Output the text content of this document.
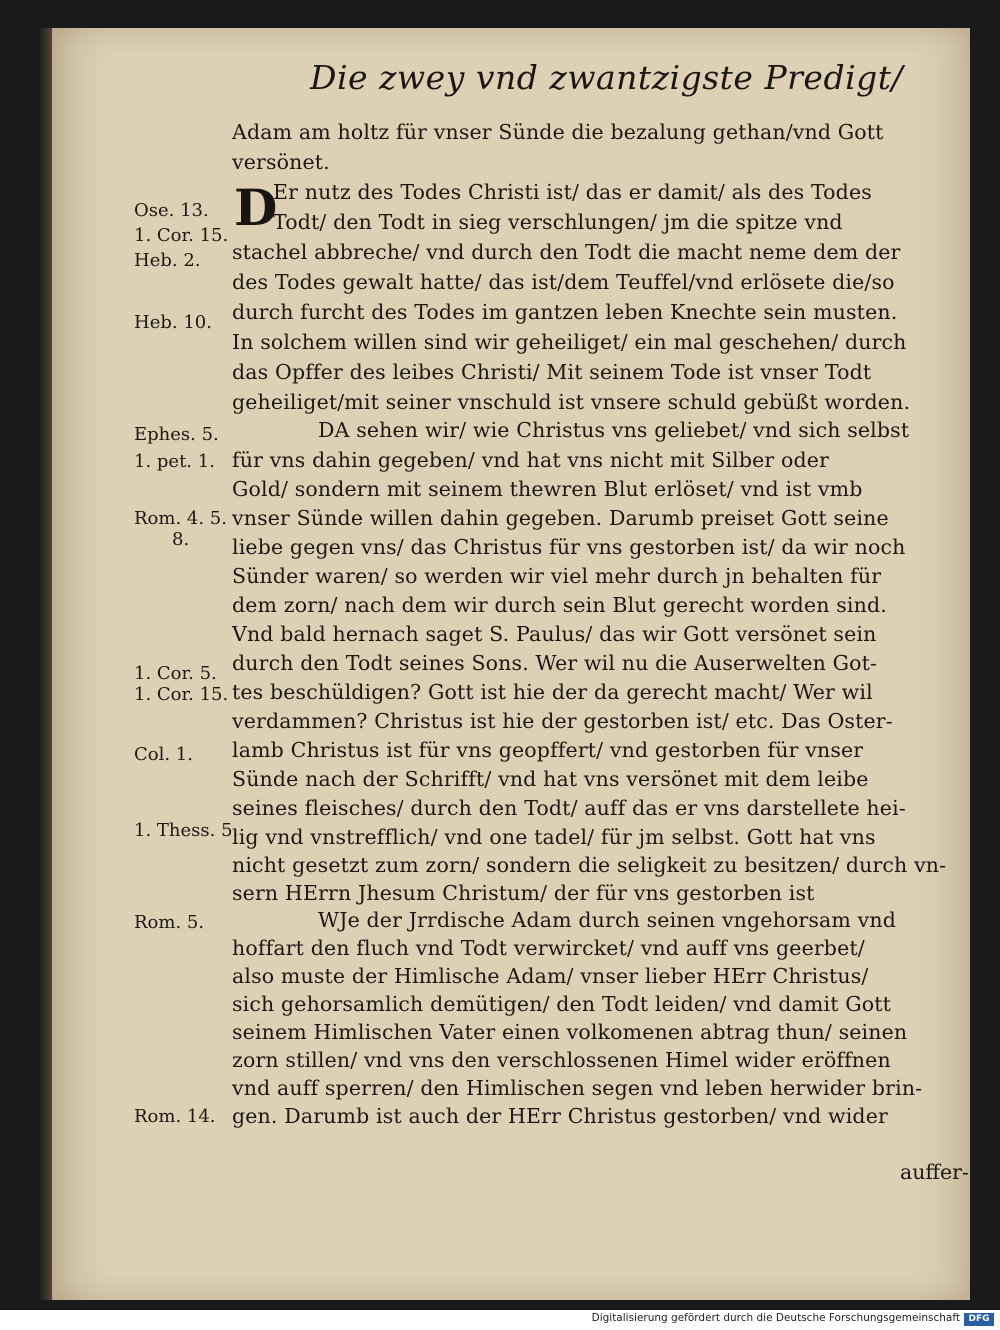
Die zwey vnd zwantzigste Predigt/
D
Adam am holtz für vnser Sünde die bezalung gethan/vnd Gott
versönet.
Er nutz des Todes Christi ist/ das er damit/ als des Todes
Todt/ den Todt in sieg verschlungen/ jm die spitze vnd
stachel abbreche/ vnd durch den Todt die macht neme dem der
des Todes gewalt hatte/ das ist/dem Teuffel/vnd erlösete die/so
durch furcht des Todes im gantzen leben Knechte sein musten.
In solchem willen sind wir geheiliget/ ein mal geschehen/ durch
das Opffer des leibes Christi/ Mit seinem Tode ist vnser Todt
geheiliget/mit seiner vnschuld ist vnsere schuld gebüßt worden.
DA sehen wir/ wie Christus vns geliebet/ vnd sich selbst
für vns dahin gegeben/ vnd hat vns nicht mit Silber oder
Gold/ sondern mit seinem thewren Blut erlöset/ vnd ist vmb
vnser Sünde willen dahin gegeben. Darumb preiset Gott seine
liebe gegen vns/ das Christus für vns gestorben ist/ da wir noch
Sünder waren/ so werden wir viel mehr durch jn behalten für
dem zorn/ nach dem wir durch sein Blut gerecht worden sind.
Vnd bald hernach saget S. Paulus/ das wir Gott versönet sein
durch den Todt seines Sons. Wer wil nu die Auserwelten Got-
tes beschüldigen? Gott ist hie der da gerecht macht/ Wer wil
verdammen? Christus ist hie der gestorben ist/ etc. Das Oster-
lamb Christus ist für vns geopffert/ vnd gestorben für vnser
Sünde nach der Schrifft/ vnd hat vns versönet mit dem leibe
seines fleisches/ durch den Todt/ auff das er vns darstellete hei-
lig vnd vnstrefflich/ vnd one tadel/ für jm selbst. Gott hat vns
nicht gesetzt zum zorn/ sondern die seligkeit zu besitzen/ durch vn-
sern HErrn Jhesum Christum/ der für vns gestorben ist
WJe der Jrrdische Adam durch seinen vngehorsam vnd
hoffart den fluch vnd Todt verwircket/ vnd auff vns geerbet/
also muste der Himlische Adam/ vnser lieber HErr Christus/
sich gehorsamlich demütigen/ den Todt leiden/ vnd damit Gott
seinem Himlischen Vater einen volkomenen abtrag thun/ seinen
zorn stillen/ vnd vns den verschlossenen Himel wider eröffnen
vnd auff sperren/ den Himlischen segen vnd leben herwider brin-
gen. Darumb ist auch der HErr Christus gestorben/ vnd wider
auffer-
Ose. 13.
1. Cor. 15.
Heb. 2.
Heb. 10.
Ephes. 5.
1. pet. 1.
Rom. 4. 5.
8.
1. Cor. 5.
1. Cor. 15.
Col. 1.
1. Thess. 5.
Rom. 5.
Rom. 14.
Digitalisierung gefördert durch die Deutsche Forschungsgemeinschaft DFG
